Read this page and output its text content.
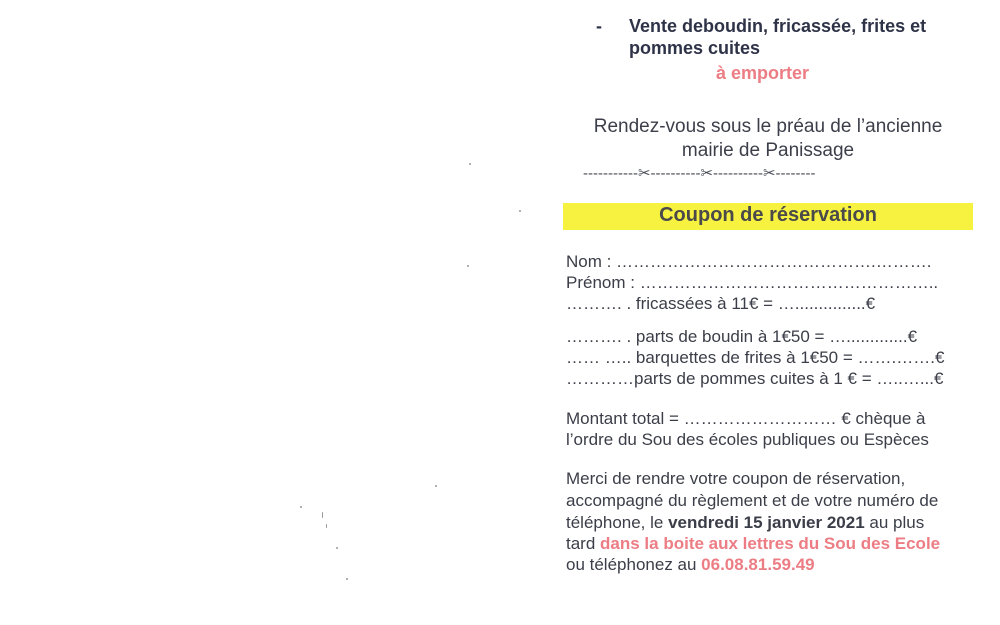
- Vente deboudin, fricassée, frites et
pommes cuites
à emporter
Rendez-vous sous le préau de l’ancienne
mairie de Panissage
-----------✂----------✂----------✂--------
Coupon de réservation
Nom : ……………………………………….……….
Prénom : ……………………………………………..
………. . fricassées à 11€ = …...............€
………. . parts de boudin à 1€50 = ….............€
…… ….. barquettes de frites à 1€50 = …….…….€
…………parts de pommes cuites à 1 € = …..…...€
Montant total = ……………………… € chèque à
l’ordre du Sou des écoles publiques ou Espèces
Merci de rendre votre coupon de réservation,
accompagné du règlement et de votre numéro de
téléphone, le vendredi 15 janvier 2021 au plus
tard dans la boite aux lettres du Sou des Ecole
ou téléphonez au 06.08.81.59.49
